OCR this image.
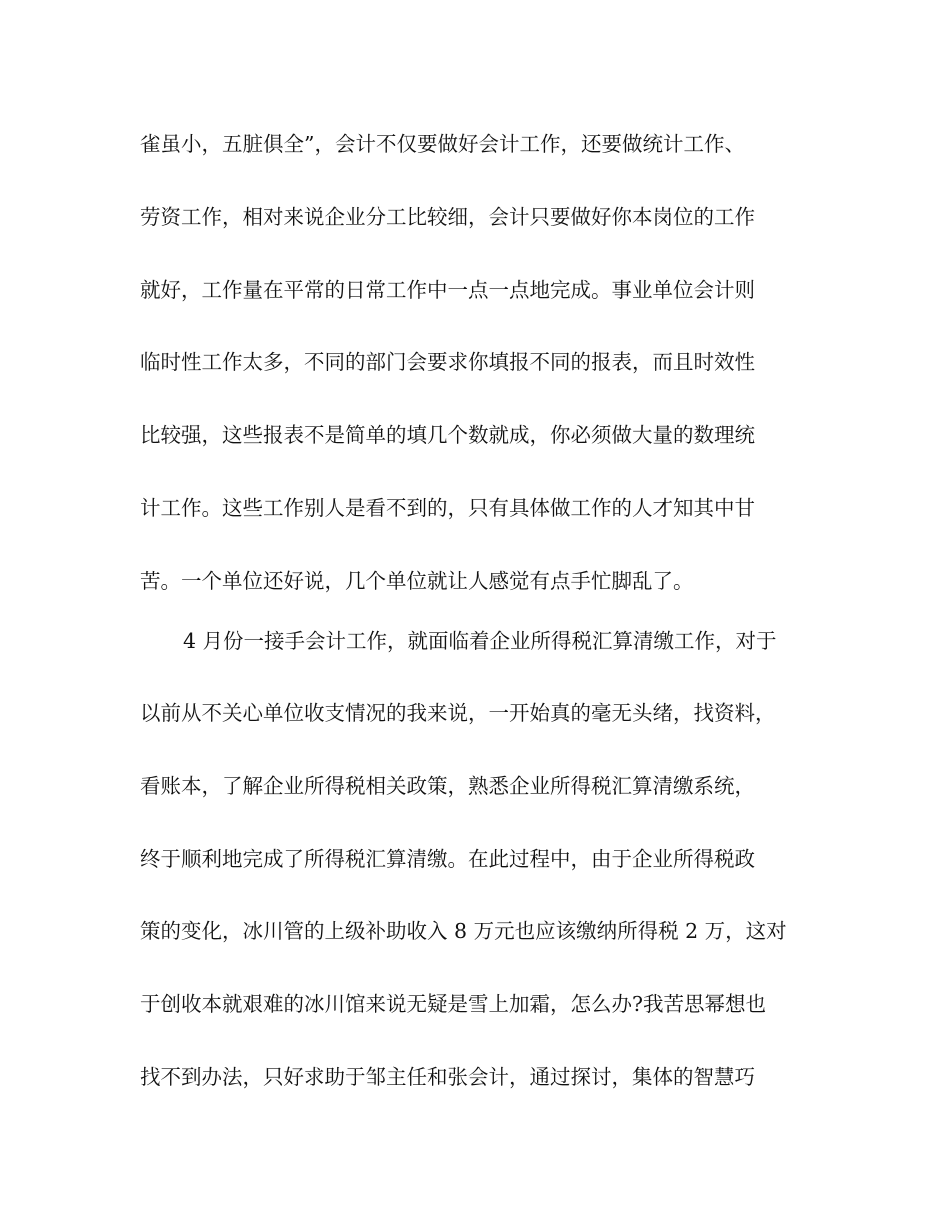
雀虽小，五脏俱全”，会计不仅要做好会计工作，还要做统计工作、
劳资工作，相对来说企业分工比较细，会计只要做好你本岗位的工作
就好，工作量在平常的日常工作中一点一点地完成。事业单位会计则
临时性工作太多，不同的部门会要求你填报不同的报表，而且时效性
比较强，这些报表不是简单的填几个数就成，你必须做大量的数理统
计工作。这些工作别人是看不到的，只有具体做工作的人才知其中甘
苦。一个单位还好说，几个单位就让人感觉有点手忙脚乱了。
4 月份一接手会计工作，就面临着企业所得税汇算清缴工作，对于
以前从不关心单位收支情况的我来说，一开始真的毫无头绪，找资料，
看账本，了解企业所得税相关政策，熟悉企业所得税汇算清缴系统，
终于顺利地完成了所得税汇算清缴。在此过程中，由于企业所得税政
策的变化，冰川管的上级补助收入 8 万元也应该缴纳所得税 2 万，这对
于创收本就艰难的冰川馆来说无疑是雪上加霜，怎么办?我苦思幂想也
找不到办法，只好求助于邹主任和张会计，通过探讨，集体的智慧巧
